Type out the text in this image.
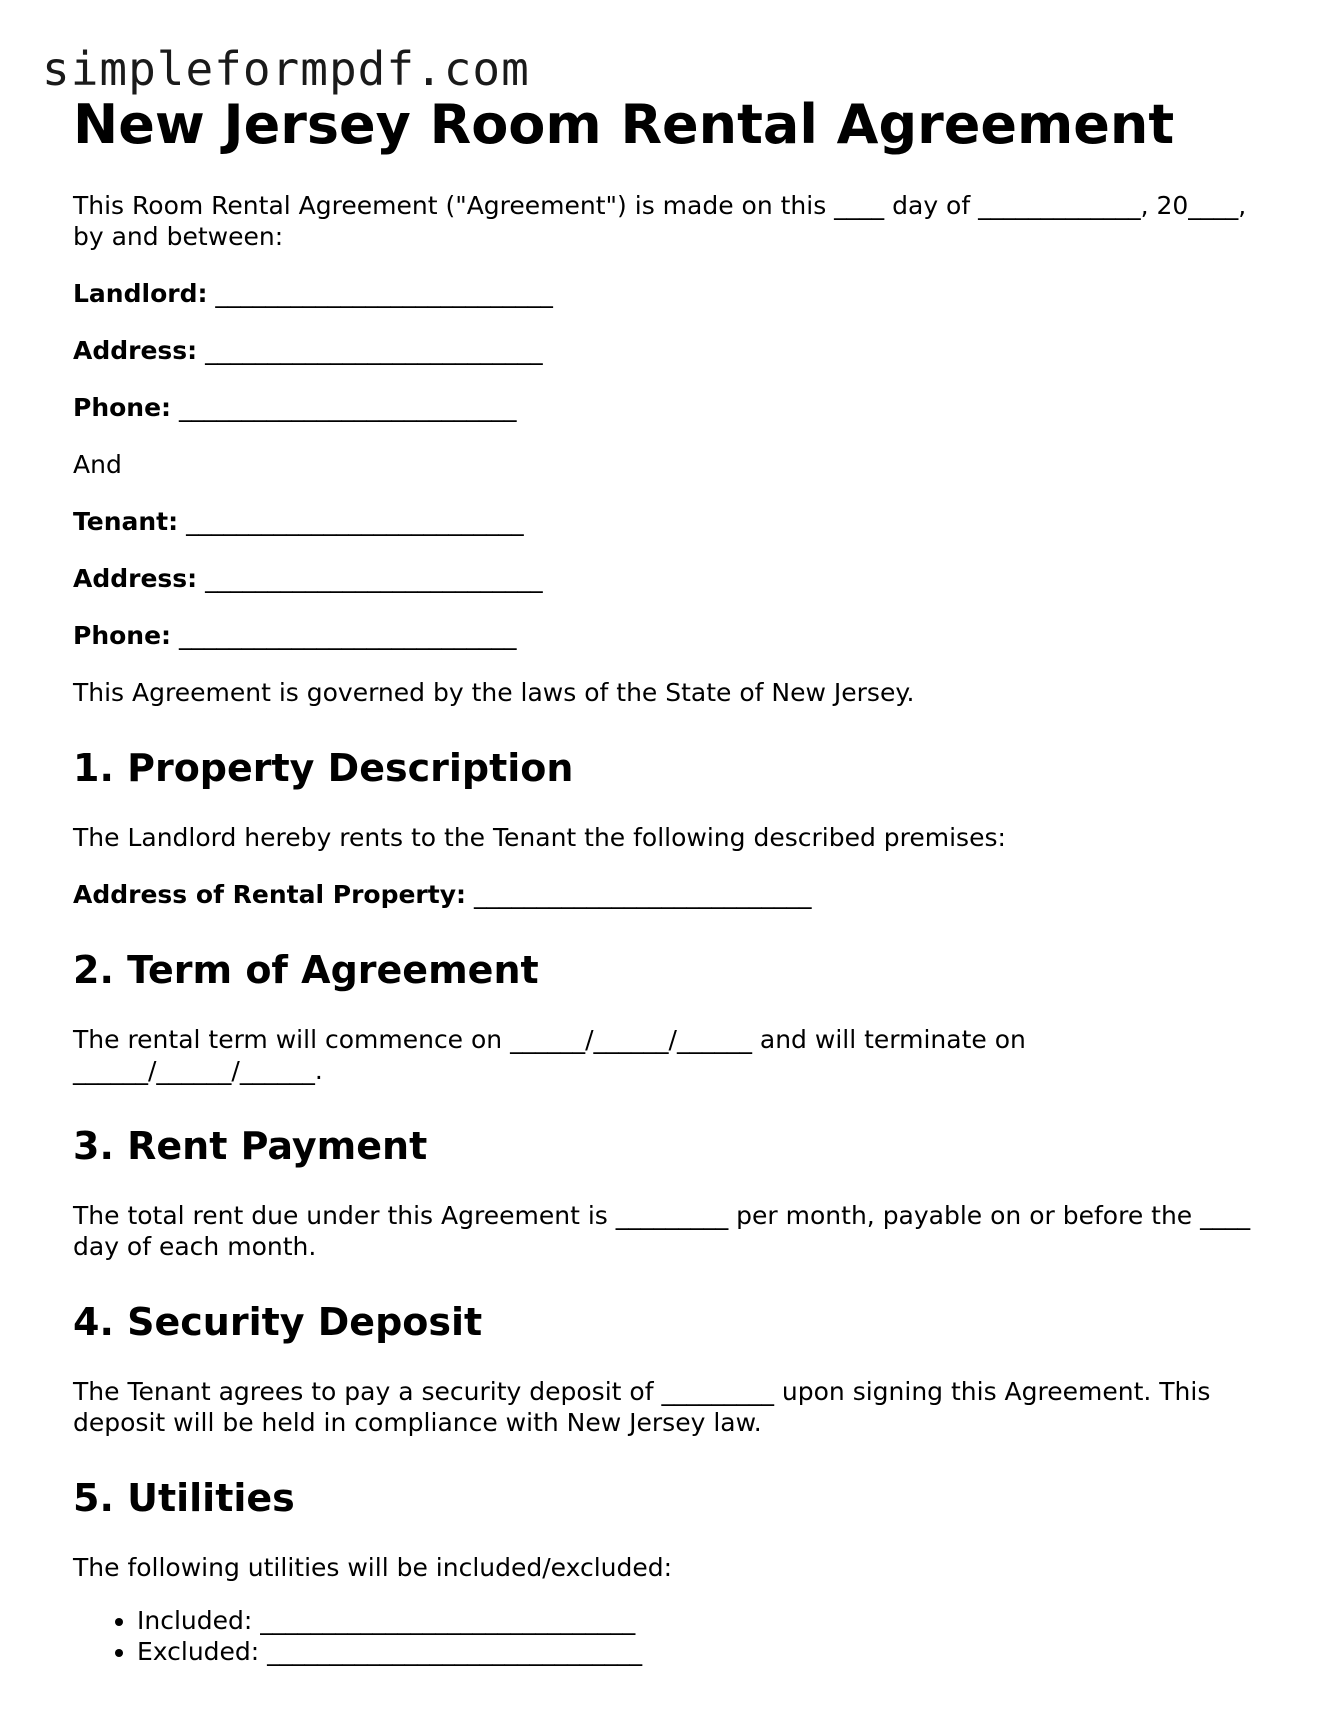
simpleformpdf.com
New Jersey Room Rental Agreement

This Room Rental Agreement ("Agreement") is made on this ____ day of _____________, 20____, by and between:

Landlord: ___________________________

Address: ___________________________

Phone: ___________________________

And

Tenant: ___________________________

Address: ___________________________

Phone: ___________________________

This Agreement is governed by the laws of the State of New Jersey.

1. Property Description

The Landlord hereby rents to the Tenant the following described premises:

Address of Rental Property: ___________________________

2. Term of Agreement

The rental term will commence on ______/______/______ and will terminate on ______/______/______.

3. Rent Payment

The total rent due under this Agreement is _________ per month, payable on or before the ____ day of each month.

4. Security Deposit

The Tenant agrees to pay a security deposit of _________ upon signing this Agreement. This deposit will be held in compliance with New Jersey law.

5. Utilities

The following utilities will be included/excluded:

• Included: ______________________________
• Excluded: ______________________________
